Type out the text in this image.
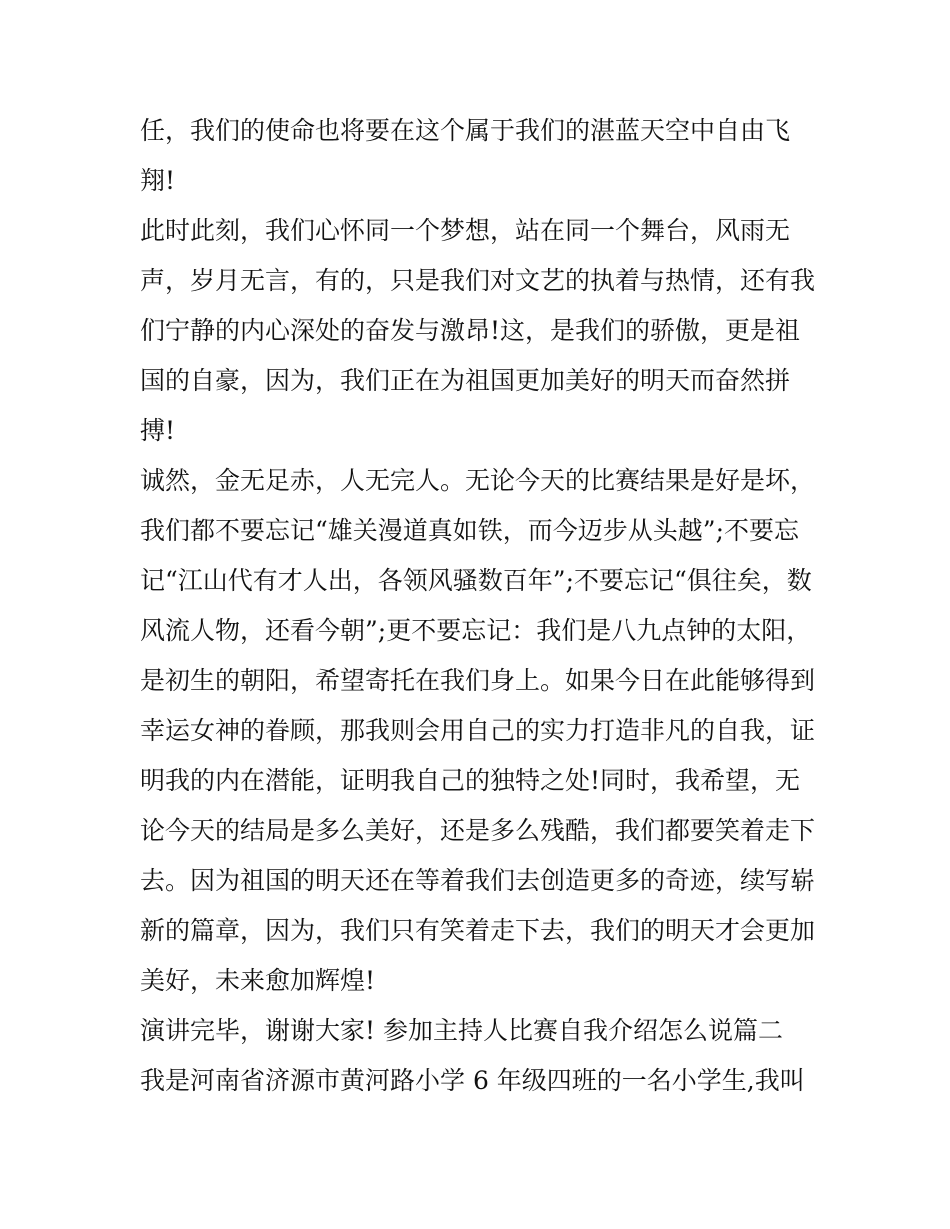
任，我们的使命也将要在这个属于我们的湛蓝天空中自由飞
翔!
此时此刻，我们心怀同一个梦想，站在同一个舞台，风雨无
声，岁月无言，有的，只是我们对文艺的执着与热情，还有我
们宁静的内心深处的奋发与激昂!这，是我们的骄傲，更是祖
国的自豪，因为，我们正在为祖国更加美好的明天而奋然拼
搏!
诚然，金无足赤，人无完人。无论今天的比赛结果是好是坏，
我们都不要忘记“雄关漫道真如铁，而今迈步从头越”;不要忘
记“江山代有才人出，各领风骚数百年”;不要忘记“俱往矣，数
风流人物，还看今朝”;更不要忘记：我们是八九点钟的太阳，
是初生的朝阳，希望寄托在我们身上。如果今日在此能够得到
幸运女神的眷顾，那我则会用自己的实力打造非凡的自我，证
明我的内在潜能，证明我自己的独特之处!同时，我希望，无
论今天的结局是多么美好，还是多么残酷，我们都要笑着走下
去。因为祖国的明天还在等着我们去创造更多的奇迹，续写崭
新的篇章，因为，我们只有笑着走下去，我们的明天才会更加
美好，未来愈加辉煌!
演讲完毕，谢谢大家! 参加主持人比赛自我介绍怎么说篇二
我是河南省济源市黄河路小学 6 年级四班的一名小学生,我叫
